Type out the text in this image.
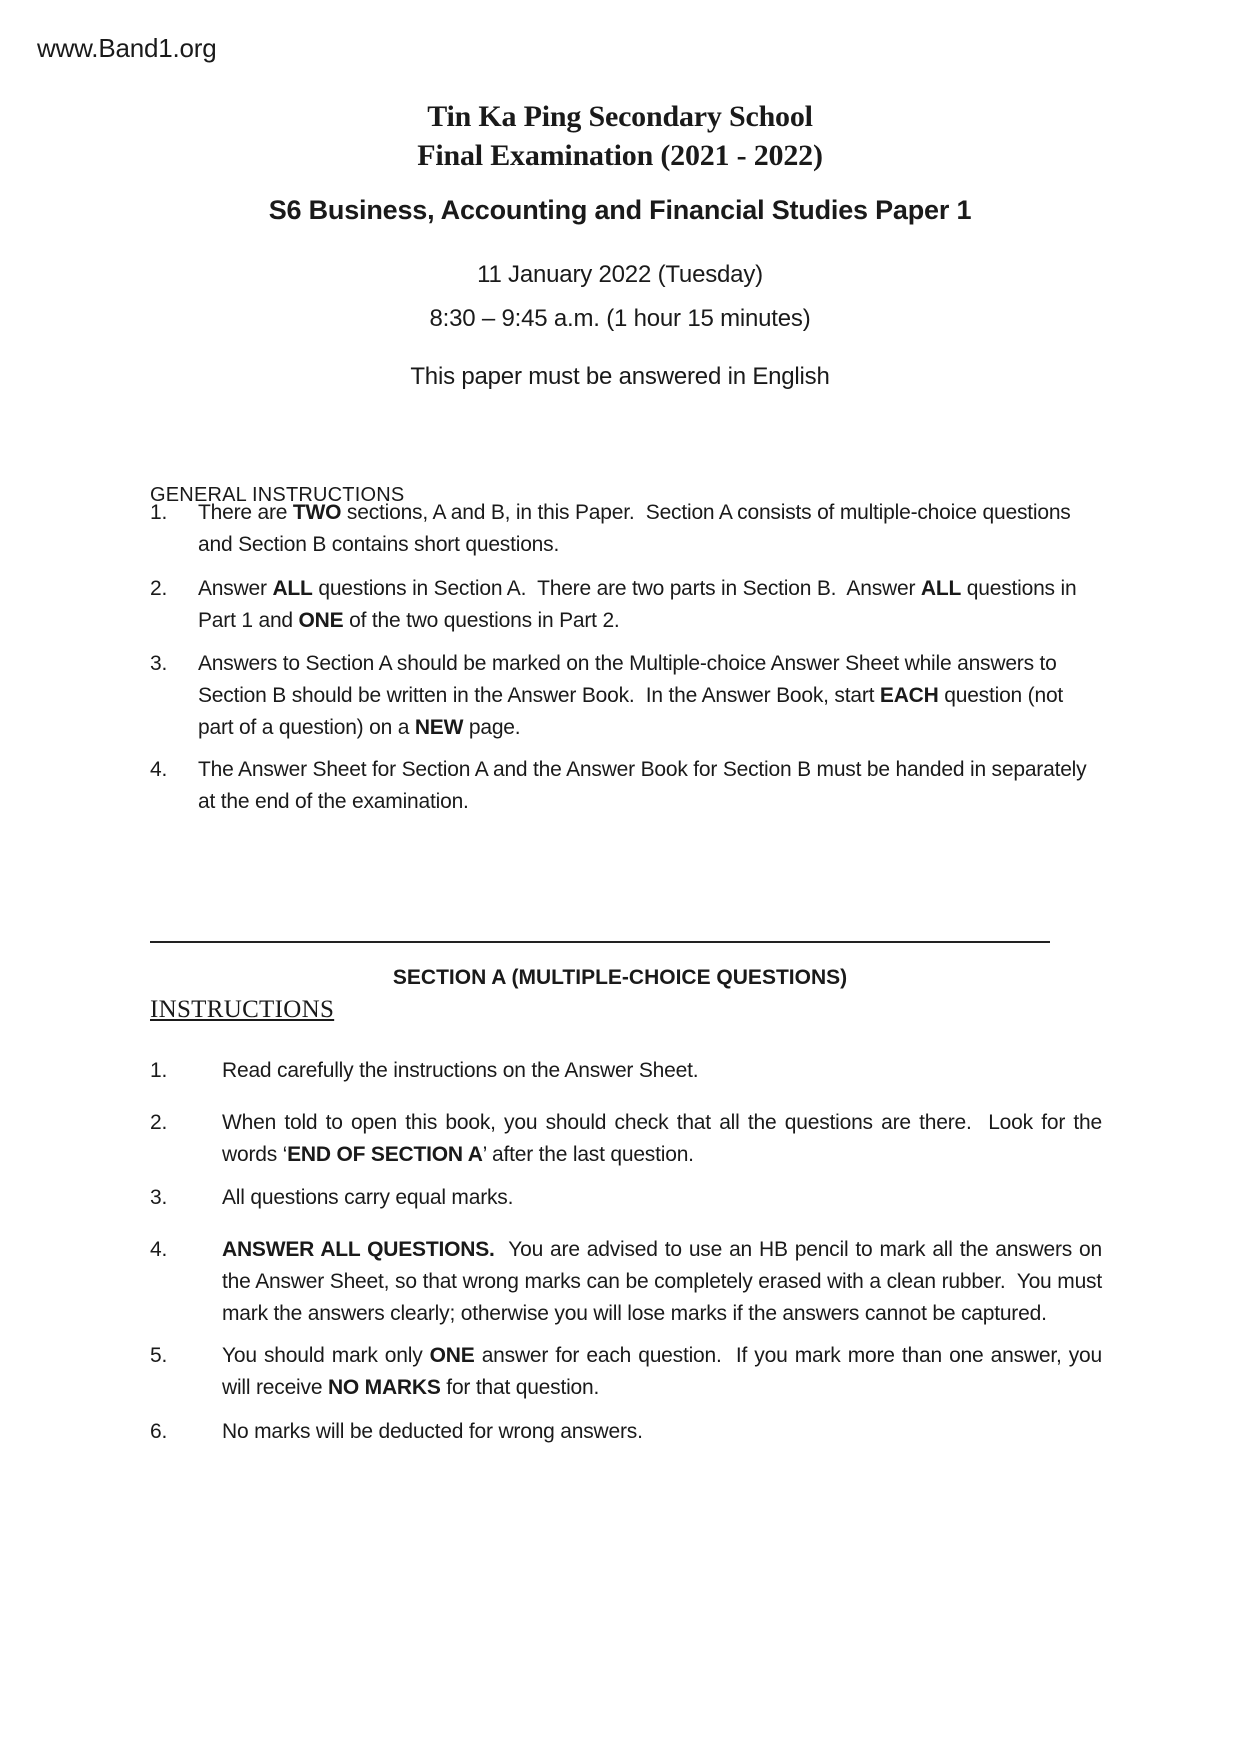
www.Band1.org
Tin Ka Ping Secondary School
Final Examination (2021 - 2022)
S6 Business, Accounting and Financial Studies Paper 1
11 January 2022 (Tuesday)
8:30 – 9:45 a.m. (1 hour 15 minutes)
This paper must be answered in English
GENERAL INSTRUCTIONS
1.	There are TWO sections, A and B, in this Paper.  Section A consists of multiple-choice questions and Section B contains short questions.
2.	Answer ALL questions in Section A.  There are two parts in Section B.  Answer ALL questions in Part 1 and ONE of the two questions in Part 2.
3.	Answers to Section A should be marked on the Multiple-choice Answer Sheet while answers to Section B should be written in the Answer Book.  In the Answer Book, start EACH question (not part of a question) on a NEW page.
4.	The Answer Sheet for Section A and the Answer Book for Section B must be handed in separately at the end of the examination.
SECTION A (MULTIPLE-CHOICE QUESTIONS)
INSTRUCTIONS
1.	Read carefully the instructions on the Answer Sheet.
2.	When told to open this book, you should check that all the questions are there.  Look for the words ‘END OF SECTION A’ after the last question.
3.	All questions carry equal marks.
4.	ANSWER ALL QUESTIONS.  You are advised to use an HB pencil to mark all the answers on the Answer Sheet, so that wrong marks can be completely erased with a clean rubber.  You must mark the answers clearly; otherwise you will lose marks if the answers cannot be captured.
5.	You should mark only ONE answer for each question.  If you mark more than one answer, you will receive NO MARKS for that question.
6.	No marks will be deducted for wrong answers.
